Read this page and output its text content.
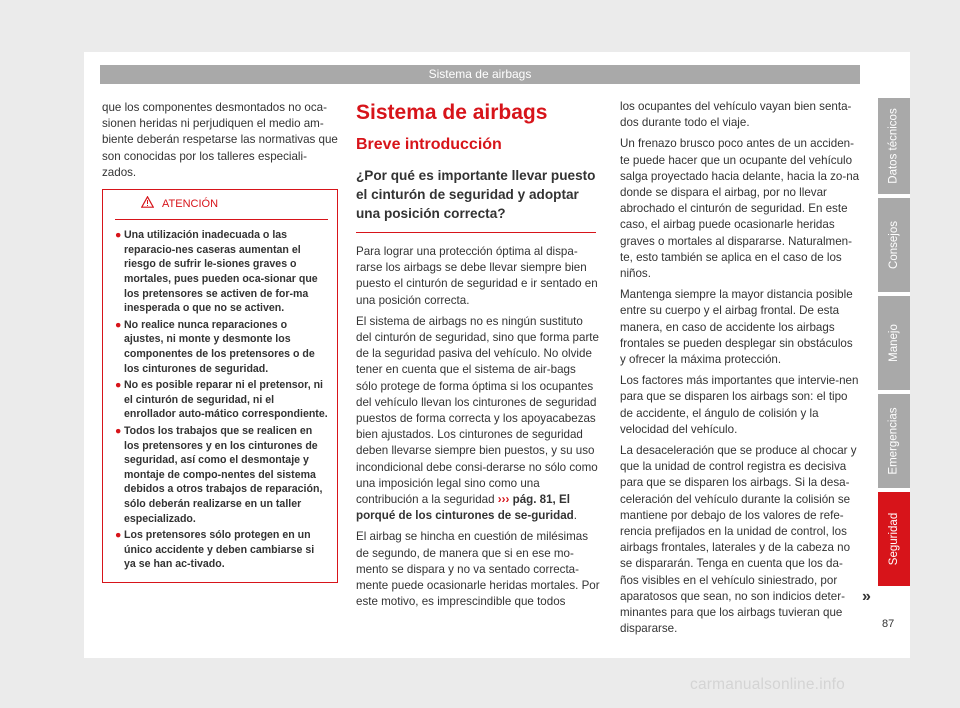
Sistema de airbags

que los componentes desmontados no oca-sionen heridas ni perjudiquen el medio am-biente deberán respetarse las normativas que son conocidas por los talleres especiali-zados.

ATENCIÓN
● Una utilización inadecuada o las reparacio-nes caseras aumentan el riesgo de sufrir le-siones graves o mortales, pues pueden oca-sionar que los pretensores se activen de for-ma inesperada o que no se activen.
● No realice nunca reparaciones o ajustes, ni monte y desmonte los componentes de los pretensores o de los cinturones de seguridad.
● No es posible reparar ni el pretensor, ni el cinturón de seguridad, ni el enrollador auto-mático correspondiente.
● Todos los trabajos que se realicen en los pretensores y en los cinturones de seguridad, así como el desmontaje y montaje de compo-nentes del sistema debidos a otros trabajos de reparación, sólo deberán realizarse en un taller especializado.
● Los pretensores sólo protegen en un único accidente y deben cambiarse si ya se han ac-tivado.
Sistema de airbags
Breve introducción
¿Por qué es importante llevar puesto el cinturón de seguridad y adoptar una posición correcta?

Para lograr una protección óptima al dispa-rarse los airbags se debe llevar siempre bien puesto el cinturón de seguridad e ir sentado en una posición correcta.

El sistema de airbags no es ningún sustituto del cinturón de seguridad, sino que forma parte de la seguridad pasiva del vehículo. No olvide tener en cuenta que el sistema de air-bags sólo protege de forma óptima si los ocupantes del vehículo llevan los cinturones de seguridad puestos de forma correcta y los apoyacabezas bien ajustados. Los cinturones de seguridad deben llevarse siempre bien puestos, y su uso incondicional debe consi-derarse no sólo como una imposición legal sino como una contribución a la seguridad ››› pág. 81, El porqué de los cinturones de se-guridad.

El airbag se hincha en cuestión de milésimas de segundo, de manera que si en ese mo-mento se dispara y no va sentado correcta-mente puede ocasionarle heridas mortales. Por este motivo, es imprescindible que todos

los ocupantes del vehículo vayan bien senta-dos durante todo el viaje.

Un frenazo brusco poco antes de un acciden-te puede hacer que un ocupante del vehículo salga proyectado hacia delante, hacia la zo-na donde se dispara el airbag, por no llevar abrochado el cinturón de seguridad. En este caso, el airbag puede ocasionarle heridas graves o mortales al dispararse. Naturalmen-te, esto también se aplica en el caso de los niños.

Mantenga siempre la mayor distancia posible entre su cuerpo y el airbag frontal. De esta manera, en caso de accidente los airbags frontales se pueden desplegar sin obstáculos y ofrecer la máxima protección.

Los factores más importantes que intervie-nen para que se disparen los airbags son: el tipo de accidente, el ángulo de colisión y la velocidad del vehículo.

La desaceleración que se produce al chocar y que la unidad de control registra es decisiva para que se disparen los airbags. Si la desa-celeración del vehículo durante la colisión se mantiene por debajo de los valores de refe-rencia prefijados en la unidad de control, los airbags frontales, laterales y de la cabeza no se dispararán. Tenga en cuenta que los da-ños visibles en el vehículo siniestrado, por aparatosos que sean, no son indicios deter-minantes para que los airbags tuvieran que dispararse.

Datos técnicos
Consejos
Manejo
Emergencias
Seguridad
»
87
carmanualsonline.info
